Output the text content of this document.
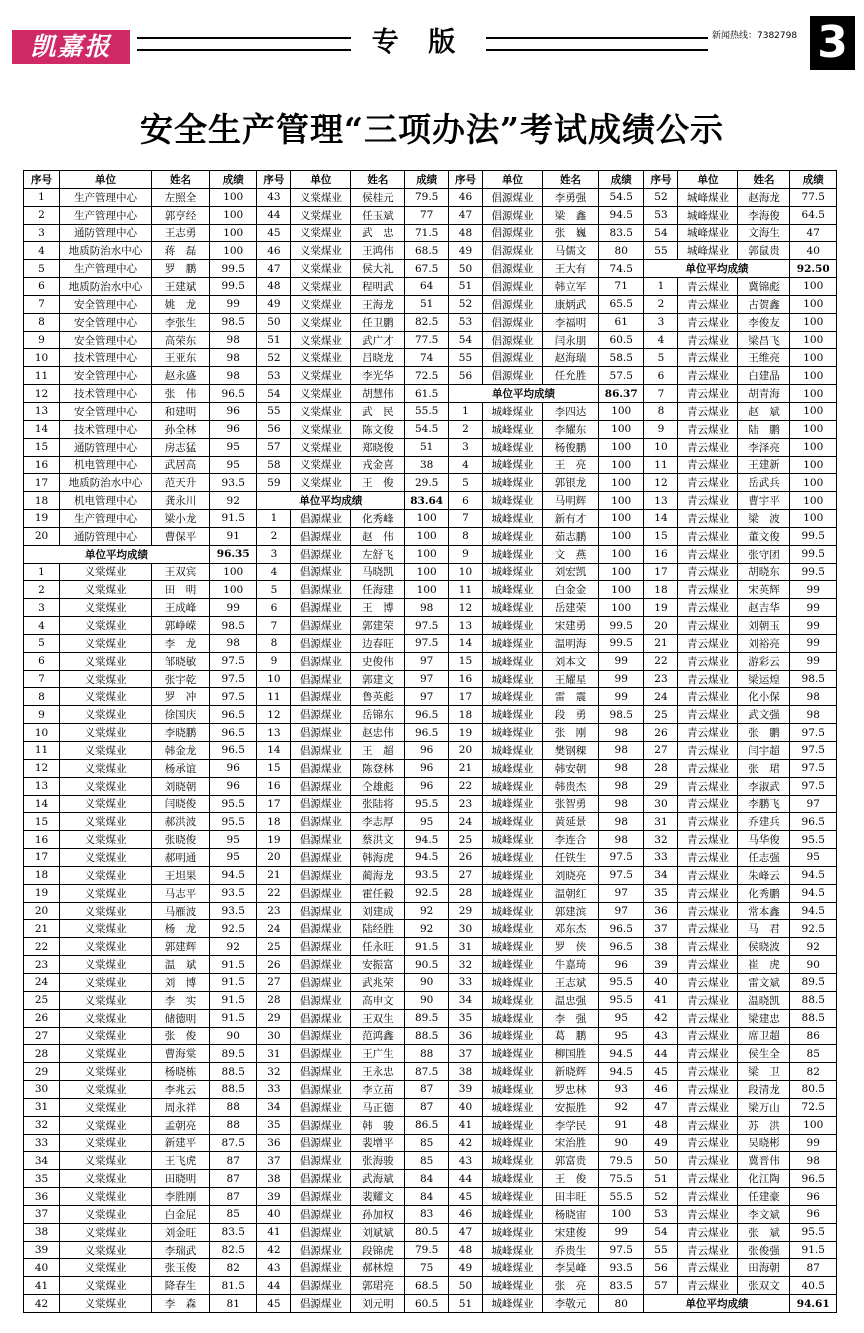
凯嘉报	专 版	新闻热线：7382798 3
安全生产管理“三项办法”考试成绩公示
序号	单位	姓名	成绩
1	生产管理中心	左照全	100
2	生产管理中心	郭亨经	100
3	通防管理中心	王志勇	100
4	地质防治水中心	蒋　磊	100
5	生产管理中心	罗　鹏	99.5
6	地质防治水中心	王建斌	99.5
7	安全管理中心	姚　龙	99
8	安全管理中心	李张生	98.5
9	安全管理中心	高荣东	98
10	技术管理中心	王亚东	98
11	安全管理中心	赵永盛	98
12	技术管理中心	张　伟	96.5
13	安全管理中心	和建明	96
14	技术管理中心	孙全林	96
15	通防管理中心	房志猛	95
16	机电管理中心	武居高	95
17	地质防治水中心	范天升	93.5
18	机电管理中心	龚永川	92
19	生产管理中心	梁小龙	91.5
20	通防管理中心	曹保平	91
单位平均成绩	96.35
1	义棠煤业	王双宾	100
2	义棠煤业	田　明	100
3	义棠煤业	王成峰	99
4	义棠煤业	郭峥嵘	98.5
5	义棠煤业	李　龙	98
6	义棠煤业	邹晓敏	97.5
7	义棠煤业	张宇乾	97.5
8	义棠煤业	罗　冲	97.5
9	义棠煤业	徐国庆	96.5
10	义棠煤业	李晓鹏	96.5
11	义棠煤业	韩金龙	96.5
12	义棠煤业	杨承谊	96
13	义棠煤业	刘晓朝	96
14	义棠煤业	闫晓俊	95.5
15	义棠煤业	郝洪波	95.5
16	义棠煤业	张晓俊	95
17	义棠煤业	郝明通	95
18	义棠煤业	王坦果	94.5
19	义棠煤业	马志平	93.5
20	义棠煤业	马雁波	93.5
21	义棠煤业	杨　龙	92.5
22	义棠煤业	郭建辉	92
23	义棠煤业	温　斌	91.5
24	义棠煤业	刘　博	91.5
25	义棠煤业	李　实	91.5
26	义棠煤业	储德明	91.5
27	义棠煤业	张　俊	90
28	义棠煤业	曹海棠	89.5
29	义棠煤业	杨晓栋	88.5
30	义棠煤业	李兆云	88.5
31	义棠煤业	周永祥	88
32	义棠煤业	孟朝亮	88
33	义棠煤业	新建平	87.5
34	义棠煤业	王飞虎	87
35	义棠煤业	田晓明	87
36	义棠煤业	李胜刚	87
37	义棠煤业	白金屁	85
38	义棠煤业	刘金旺	83.5
39	义棠煤业	李瑞武	82.5
40	义棠煤业	张玉俊	82
41	义棠煤业	降春生	81.5
42	义棠煤业	李　森	81
序号	单位	姓名	成绩
43	义棠煤业	侯桂元	79.5
44	义棠煤业	任玉斌	77
45	义棠煤业	武　忠	71.5
46	义棠煤业	王鸿伟	68.5
47	义棠煤业	侯大礼	67.5
48	义棠煤业	程明武	64
49	义棠煤业	王海龙	51
50	义棠煤业	任卫鹏	82.5
51	义棠煤业	武广才	77.5
52	义棠煤业	吕晓龙	74
53	义棠煤业	李光华	72.5
54	义棠煤业	胡慧伟	61.5
55	义棠煤业	武　民	55.5
56	义棠煤业	陈文俊	54.5
57	义棠煤业	郑晓俊	51
58	义棠煤业	戎金喜	38
59	义棠煤业	王　俊	29.5
单位平均成绩	83.64
1	倡源煤业	化秀峰	100
2	倡源煤业	赵　伟	100
3	倡源煤业	左舒飞	100
4	倡源煤业	马晓凯	100
5	倡源煤业	任海建	100
6	倡源煤业	王　博	98
7	倡源煤业	郭建荣	97.5
8	倡源煤业	边春旺	97.5
9	倡源煤业	史俊伟	97
10	倡源煤业	郭建文	97
11	倡源煤业	鲁英彪	97
12	倡源煤业	岳锦东	96.5
13	倡源煤业	赵忠伟	96.5
14	倡源煤业	王　超	96
15	倡源煤业	陈登林	96
16	倡源煤业	仝雄彪	96
17	倡源煤业	张陆将	95.5
18	倡源煤业	李志厚	95
19	倡源煤业	蔡洪文	94.5
20	倡源煤业	韩海虎	94.5
21	倡源煤业	蔺海龙	93.5
22	倡源煤业	霍任毅	92.5
23	倡源煤业	刘建成	92
24	倡源煤业	陆经胜	92
25	倡源煤业	任永旺	91.5
26	倡源煤业	安振富	90.5
27	倡源煤业	武兆荣	90
28	倡源煤业	高申文	90
29	倡源煤业	王双生	89.5
30	倡源煤业	范鸿鑫	88.5
31	倡源煤业	王广生	88
32	倡源煤业	王永忠	87.5
33	倡源煤业	李立苗	87
34	倡源煤业	马正德	87
35	倡源煤业	韩　骏	86.5
36	倡源煤业	裴增平	85
37	倡源煤业	张海骏	85
38	倡源煤业	武海斌	84
39	倡源煤业	裴耀文	84
40	倡源煤业	孙加权	83
41	倡源煤业	刘斌斌	80.5
42	倡源煤业	段锦虎	79.5
43	倡源煤业	郝林煌	75
44	倡源煤业	郭珺亮	68.5
45	倡源煤业	刘元明	60.5
序号	单位	姓名	成绩
46	倡源煤业	李勇强	54.5
47	倡源煤业	梁　鑫	94.5
48	倡源煤业	张　巍	83.5
49	倡源煤业	马儒文	80
50	倡源煤业	王大有	74.5
51	倡源煤业	韩立军	71
52	倡源煤业	康炳武	65.5
53	倡源煤业	李福明	61
54	倡源煤业	闫永朋	60.5
55	倡源煤业	赵海瑞	58.5
56	倡源煤业	任允胜	57.5
单位平均成绩	86.37
1	城峰煤业	李四达	100
2	城峰煤业	李耀东	100
3	城峰煤业	杨俊鹏	100
4	城峰煤业	王　亮	100
5	城峰煤业	郭银龙	100
6	城峰煤业	马明辉	100
7	城峰煤业	新有才	100
8	城峰煤业	茹志鹏	100
9	城峰煤业	文　燕	100
10	城峰煤业	刘宏凯	100
11	城峰煤业	白金金	100
12	城峰煤业	岳建荣	100
13	城峰煤业	宋建勇	99.5
14	城峰煤业	温明海	99.5
15	城峰煤业	刘本文	99
16	城峰煤业	王耀星	99
17	城峰煤业	雷　震	99
18	城峰煤业	段　勇	98.5
19	城峰煤业	张　刚	98
20	城峰煤业	樊钢稞	98
21	城峰煤业	韩安朝	98
22	城峰煤业	韩贵杰	98
23	城峰煤业	张智勇	98
24	城峰煤业	黄延景	98
25	城峰煤业	李连合	98
26	城峰煤业	任铁生	97.5
27	城峰煤业	刘晓亮	97.5
28	城峰煤业	温朝红	97
29	城峰煤业	郭建滨	97
30	城峰煤业	邓东杰	96.5
31	城峰煤业	罗　侠	96.5
32	城峰煤业	牛嘉琦	96
33	城峰煤业	王志斌	95.5
34	城峰煤业	温忠强	95.5
35	城峰煤业	李　强	95
36	城峰煤业	葛　鹏	95
37	城峰煤业	柳国胜	94.5
38	城峰煤业	新晓辉	94.5
39	城峰煤业	罗忠林	93
40	城峰煤业	安振胜	92
41	城峰煤业	李学民	91
42	城峰煤业	宋治胜	90
43	城峰煤业	郭富贵	79.5
44	城峰煤业	王　俊	75.5
45	城峰煤业	田丰旺	55.5
46	城峰煤业	杨晓宙	100
47	城峰煤业	宋建俊	99
48	城峰煤业	乔贵生	97.5
49	城峰煤业	李昊峰	93.5
50	城峰煤业	张　亮	83.5
51	城峰煤业	李敬元	80
序号	单位	姓名	成绩
52	城峰煤业	赵海龙	77.5
53	城峰煤业	李海俊	64.5
54	城峰煤业	文海生	47
55	城峰煤业	郭鼠贵	40
单位平均成绩	92.50
1	青云煤业	冀锦彪	100
2	青云煤业	古贺鑫	100
3	青云煤业	李俊友	100
4	青云煤业	梁昌飞	100
5	青云煤业	王维亮	100
6	青云煤业	白建晶	100
7	青云煤业	胡青海	100
8	青云煤业	赵　斌	100
9	青云煤业	陆　鹏	100
10	青云煤业	李泽亮	100
11	青云煤业	王建新	100
12	青云煤业	岳武兵	100
13	青云煤业	曹宇平	100
14	青云煤业	梁　波	100
15	青云煤业	董文俊	99.5
16	青云煤业	张守团	99.5
17	青云煤业	胡晓东	99.5
18	青云煤业	宋英辉	99
19	青云煤业	赵吉华	99
20	青云煤业	刘朝玉	99
21	青云煤业	刘裕亮	99
22	青云煤业	游彩云	99
23	青云煤业	梁运煌	98.5
24	青云煤业	化小保	98
25	青云煤业	武文强	98
26	青云煤业	张　鹏	97.5
27	青云煤业	闫宇超	97.5
28	青云煤业	张　珺	97.5
29	青云煤业	李淑武	97.5
30	青云煤业	李鹏飞	97
31	青云煤业	乔建兵	96.5
32	青云煤业	马华俊	95.5
33	青云煤业	任志强	95
34	青云煤业	朱峰云	94.5
35	青云煤业	化秀鹏	94.5
36	青云煤业	常本鑫	94.5
37	青云煤业	马　君	92.5
38	青云煤业	侯晓波	92
39	青云煤业	崔　虎	90
40	青云煤业	雷文斌	89.5
41	青云煤业	温晓凯	88.5
42	青云煤业	梁建忠	88.5
43	青云煤业	席卫超	86
44	青云煤业	侯生全	85
45	青云煤业	梁　卫	82
46	青云煤业	段清龙	80.5
47	青云煤业	梁万山	72.5
48	青云煤业	苏　洪	100
49	青云煤业	吴晓彬	99
50	青云煤业	冀晋伟	98
51	青云煤业	化江陶	96.5
52	青云煤业	任建豪	96
53	青云煤业	李文斌	96
54	青云煤业	张　斌	95.5
55	青云煤业	张俊强	91.5
56	青云煤业	田海朝	87
57	青云煤业	张双文	40.5
单位平均成绩	94.61
